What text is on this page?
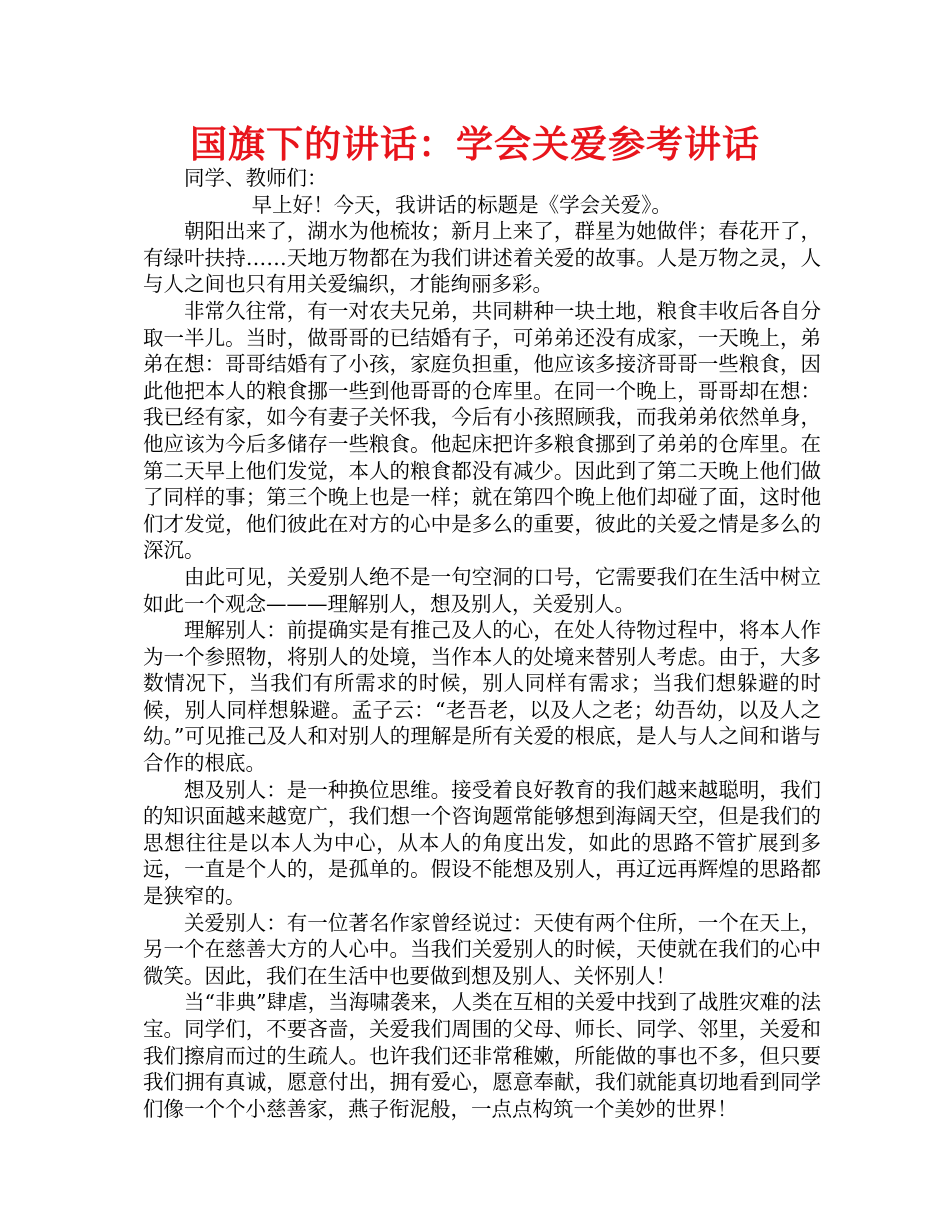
国旗下的讲话：学会关爱参考讲话

同学、教师们：

早上好！今天，我讲话的标题是《学会关爱》。

朝阳出来了，湖水为他梳妆；新月上来了，群星为她做伴；春花开了，有绿叶扶持……天地万物都在为我们讲述着关爱的故事。人是万物之灵，人与人之间也只有用关爱编织，才能绚丽多彩。

非常久往常，有一对农夫兄弟，共同耕种一块土地，粮食丰收后各自分取一半儿。当时，做哥哥的已结婚有子，可弟弟还没有成家，一天晚上，弟弟在想：哥哥结婚有了小孩，家庭负担重，他应该多接济哥哥一些粮食，因此他把本人的粮食挪一些到他哥哥的仓库里。在同一个晚上，哥哥却在想：我已经有家，如今有妻子关怀我，今后有小孩照顾我，而我弟弟依然单身，他应该为今后多储存一些粮食。他起床把许多粮食挪到了弟弟的仓库里。在第二天早上他们发觉，本人的粮食都没有减少。因此到了第二天晚上他们做了同样的事；第三个晚上也是一样；就在第四个晚上他们却碰了面，这时他们才发觉，他们彼此在对方的心中是多么的重要，彼此的关爱之情是多么的深沉。

由此可见，关爱别人绝不是一句空洞的口号，它需要我们在生活中树立如此一个观念———理解别人，想及别人，关爱别人。

理解别人：前提确实是有推己及人的心，在处人待物过程中，将本人作为一个参照物，将别人的处境，当作本人的处境来替别人考虑。由于，大多数情况下，当我们有所需求的时候，别人同样有需求；当我们想躲避的时候，别人同样想躲避。孟子云：“老吾老，以及人之老；幼吾幼，以及人之幼。”可见推己及人和对别人的理解是所有关爱的根底，是人与人之间和谐与合作的根底。

想及别人：是一种换位思维。接受着良好教育的我们越来越聪明，我们的知识面越来越宽广，我们想一个咨询题常能够想到海阔天空，但是我们的思想往往是以本人为中心，从本人的角度出发，如此的思路不管扩展到多远，一直是个人的，是孤单的。假设不能想及别人，再辽远再辉煌的思路都是狭窄的。

关爱别人：有一位著名作家曾经说过：天使有两个住所，一个在天上，另一个在慈善大方的人心中。当我们关爱别人的时候，天使就在我们的心中微笑。因此，我们在生活中也要做到想及别人、关怀别人！

当“非典”肆虐，当海啸袭来，人类在互相的关爱中找到了战胜灾难的法宝。同学们，不要吝啬，关爱我们周围的父母、师长、同学、邻里，关爱和我们擦肩而过的生疏人。也许我们还非常稚嫩，所能做的事也不多，但只要我们拥有真诚，愿意付出，拥有爱心，愿意奉献，我们就能真切地看到同学们像一个个小慈善家，燕子衔泥般，一点点构筑一个美妙的世界！
